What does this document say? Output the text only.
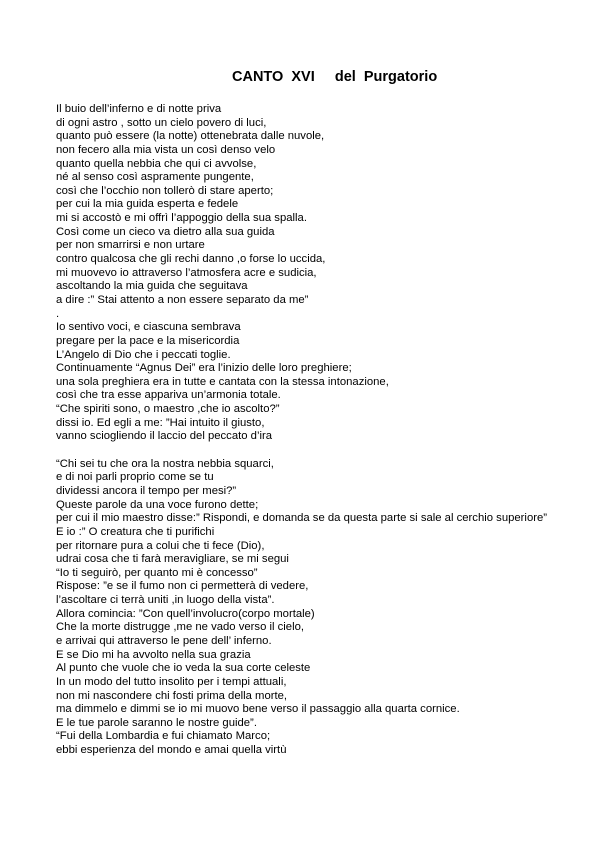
CANTO  XVI     del  Purgatorio
Il buio dell’inferno e di notte priva
di ogni astro , sotto un cielo povero di luci,
quanto può essere (la notte) ottenebrata dalle nuvole,
non fecero alla mia vista un così denso velo
quanto quella nebbia che qui ci avvolse,
né al senso così aspramente pungente,
così che l’occhio non tollerò di stare aperto;
per cui la mia guida esperta e fedele
mi si accostò e mi offrì l’appoggio della sua spalla.
Così come un cieco va dietro alla sua guida
per non smarrirsi e non urtare
contro qualcosa che gli rechi danno ,o forse lo uccida,
mi muovevo io attraverso l’atmosfera acre e sudicia,
ascoltando la mia guida che seguitava
a dire :” Stai attento a non essere separato da me”
.
Io sentivo voci, e ciascuna sembrava
pregare per la pace e la misericordia
L’Angelo di Dio che i peccati toglie.
Continuamente “Agnus Dei” era l’inizio delle loro preghiere;
una sola preghiera era in tutte e cantata con la stessa intonazione,
così che tra esse appariva un’armonia totale.
“Che spiriti sono, o maestro ,che io ascolto?”
dissi io. Ed egli a me: ”Hai intuito il giusto,
vanno sciogliendo il laccio del peccato d’ira

“Chi sei tu che ora la nostra nebbia squarci,
e di noi parli proprio come se tu
dividessi ancora il tempo per mesi?”
Queste parole da una voce furono dette;
per cui il mio maestro disse:” Rispondi, e domanda se da questa parte si sale al cerchio superiore”
E io :” O creatura che ti purifichi
per ritornare pura a colui che ti fece (Dio),
udrai cosa che ti farà meravigliare, se mi segui
“Io ti seguirò, per quanto mi è concesso”
Rispose: ”e se il fumo non ci permetterà di vedere,
l’ascoltare ci terrà uniti ,in luogo della vista”.
Allora comincia: ”Con quell’involucro(corpo mortale)
Che la morte distrugge ,me ne vado verso il cielo,
e arrivai qui attraverso le pene dell’ inferno.
E se Dio mi ha avvolto nella sua grazia
Al punto che vuole che io veda la sua corte celeste
In un modo del tutto insolito per i tempi attuali,
non mi nascondere chi fosti prima della morte,
ma dimmelo e dimmi se io mi muovo bene verso il passaggio alla quarta cornice.
E le tue parole saranno le nostre guide”.
“Fui della Lombardia e fui chiamato Marco;
ebbi esperienza del mondo e amai quella virtù
